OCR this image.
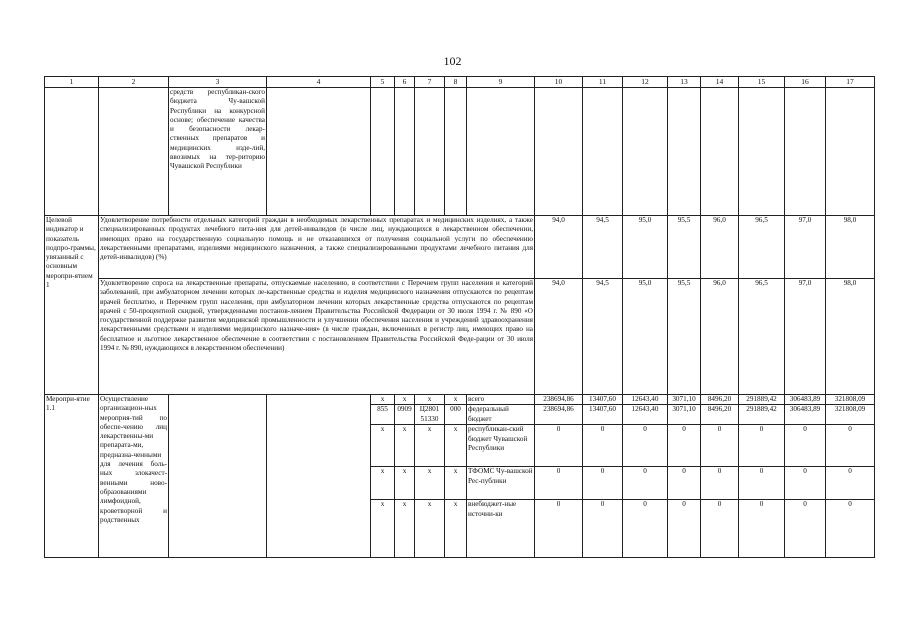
102
1	2	3	4	5	6	7	8	9	10	11	12	13	14	15	16	17
		средств республикан-ского бюджета Чу-вашской Республики на конкурсной основе; обеспечение качества и безопасности лекар-ственных препаратов и медицинских изде-лий, ввозимых на тер-риторию Чувашской Республики														
Целевой индикатор и показатель подпро-граммы, увязанный с основным меропри-ятием 1	Удовлетворение потребности отдельных категорий граждан в необходимых лекарственных препаратах и медицинских изделиях, а также специализированных продуктах лечебного пита-ния для детей-инвалидов (в числе лиц, нуждающихся в лекарственном обеспечении, имеющих право на государственную социальную помощь и не отказавшихся от получения социальной услуги по обеспечению лекарственными препаратами, изделиями медицинского назначения, а также специализированными продуктами лечебного питания для детей-инвалидов) (%)								94,0	94,5	95,0	95,5	96,0	96,5	97,0	98,0
	Удовлетворение спроса на лекарственные препараты, отпускаемые населению, в соответствии с Перечнем групп населения и категорий заболеваний, при амбулаторном лечении которых ле-карственные средства и изделия медицинского назначения отпускаются по рецептам врачей бесплатно, и Перечнем групп населения, при амбулаторном лечении которых лекарственные средства отпускаются по рецептам врачей с 50-процентной скидкой, утвержденными постанов-лением Правительства Российской Федерации от 30 июля 1994 г. № 890 «О государственной поддержке развития медицинской промышленности и улучшении обеспечения населения и учреждений здравоохранения лекарственными средствами и изделиями медицинского назначе-ния» (в числе граждан, включенных в регистр лиц, имеющих право на бесплатное и льготное лекарственное обеспечение в соответствии с постановлением Правительства Российской Феде-рации от 30 июля 1994 г. № 890, нуждающихся в лекарственном обеспечении)								94,0	94,5	95,0	95,5	96,0	96,5	97,0	98,0
Меропри-ятие 1.1	Осуществление организацион-ных мероприя-тий по обеспе-чению лиц лекарственны-ми препарата-ми, предназна-ченными для лечения боль-ных злокачест-венными ново-образованиями лимфоидной, кроветворной и родственных			x	x	x	x	всего	238694,86	13407,60	12643,40	3071,10	8496,20	291889,42	306483,89	321808,09
				855	0909	Ц2801 51330	000	федеральный бюджет	238694,86	13407,60	12643,40	3071,10	8496,20	291889,42	306483,89	321808,09
				x	x	x	x	республикан-ский бюджет Чувашской Республики	0	0	0	0	0	0	0	0
				x	x	x	x	ТФОМС Чу-вашской Рес-публики	0	0	0	0	0	0	0	0
				x	x	x	x	внебюджет-ные источни-ки	0	0	0	0	0	0	0	0
